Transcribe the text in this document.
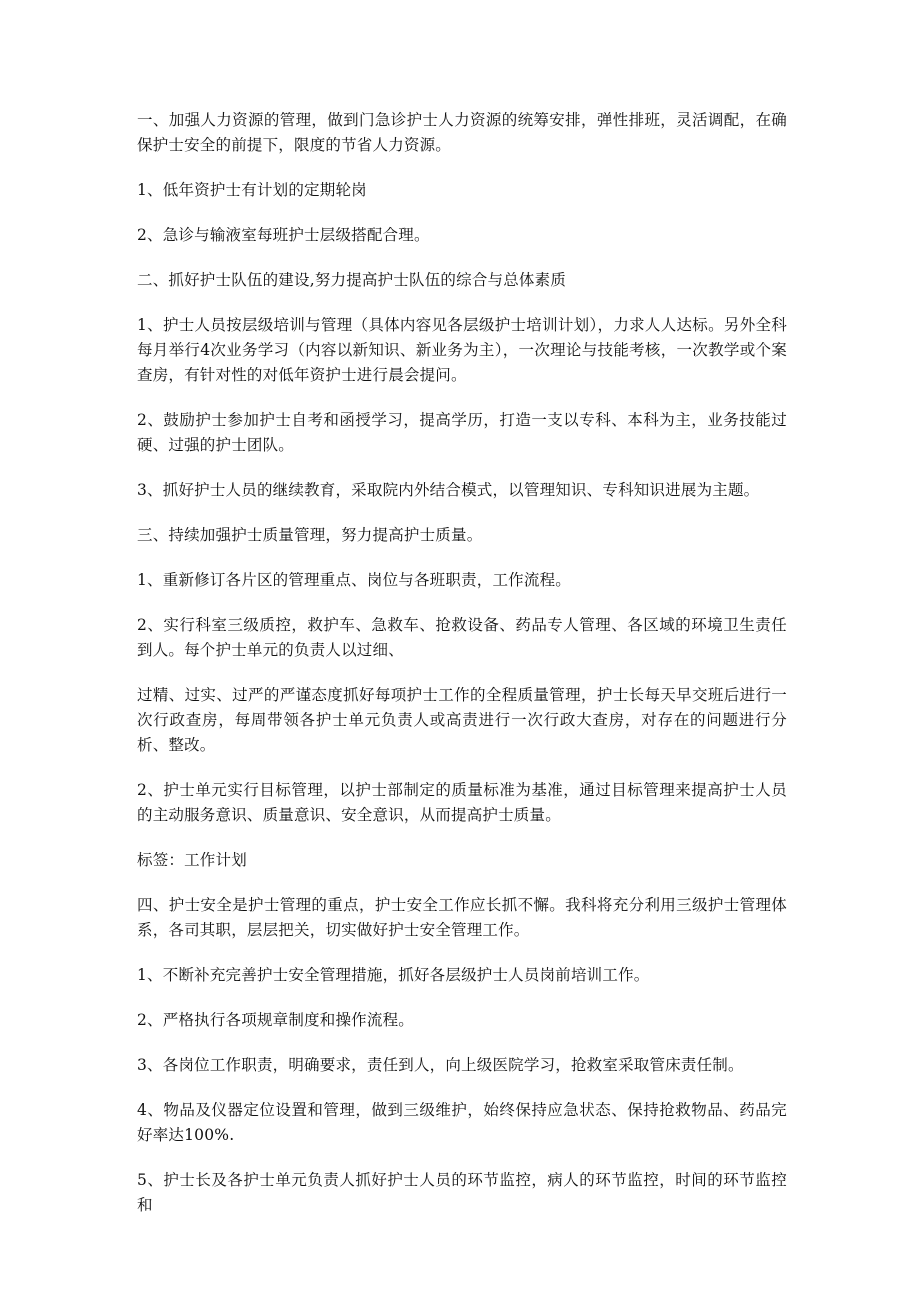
一、加强人力资源的管理，做到门急诊护士人力资源的统筹安排，弹性排班，灵活调配，在确保护士安全的前提下，限度的节省人力资源。

1、低年资护士有计划的定期轮岗

2、急诊与输液室每班护士层级搭配合理。

二、抓好护士队伍的建设,努力提高护士队伍的综合与总体素质

1、护士人员按层级培训与管理（具体内容见各层级护士培训计划），力求人人达标。另外全科每月举行4次业务学习（内容以新知识、新业务为主），一次理论与技能考核，一次教学或个案查房，有针对性的对低年资护士进行晨会提问。

2、鼓励护士参加护士自考和函授学习，提高学历，打造一支以专科、本科为主，业务技能过硬、过强的护士团队。

3、抓好护士人员的继续教育，采取院内外结合模式，以管理知识、专科知识进展为主题。

三、持续加强护士质量管理，努力提高护士质量。

1、重新修订各片区的管理重点、岗位与各班职责，工作流程。

2、实行科室三级质控，救护车、急救车、抢救设备、药品专人管理、各区域的环境卫生责任到人。每个护士单元的负责人以过细、

过精、过实、过严的严谨态度抓好每项护士工作的全程质量管理，护士长每天早交班后进行一次行政查房，每周带领各护士单元负责人或高责进行一次行政大查房，对存在的问题进行分析、整改。

2、护士单元实行目标管理，以护士部制定的质量标准为基准，通过目标管理来提高护士人员的主动服务意识、质量意识、安全意识，从而提高护士质量。

标签：工作计划

四、护士安全是护士管理的重点，护士安全工作应长抓不懈。我科将充分利用三级护士管理体系，各司其职，层层把关，切实做好护士安全管理工作。

1、不断补充完善护士安全管理措施，抓好各层级护士人员岗前培训工作。

2、严格执行各项规章制度和操作流程。

3、各岗位工作职责，明确要求，责任到人，向上级医院学习，抢救室采取管床责任制。

4、物品及仪器定位设置和管理，做到三级维护，始终保持应急状态、保持抢救物品、药品完好率达100%.

5、护士长及各护士单元负责人抓好护士人员的环节监控，病人的环节监控，时间的环节监控和
